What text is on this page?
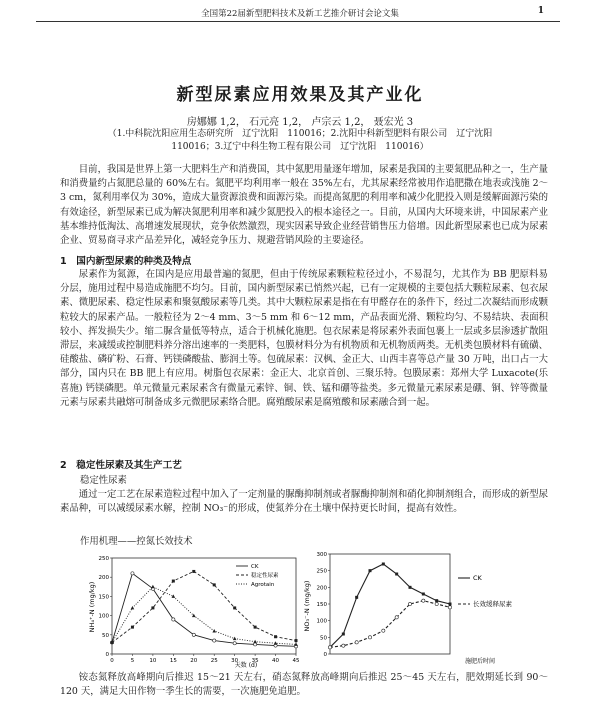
全国第22届新型肥料技术及新工艺推介研讨会论文集	1
新型尿素应用效果及其产业化
房娜娜 1,2， 石元亮 1,2， 卢宗云 1,2， 聂宏光 3
（1.中科院沈阳应用生态研究所　辽宁沈阳　110016；2.沈阳中科新型肥料有限公司　辽宁沈阳
110016；3.辽宁中科生物工程有限公司　辽宁沈阳　110016）

目前，我国是世界上第一大肥料生产和消费国，其中氮肥用量逐年增加，尿素是我国的主要氮肥品种之一，生产量和消费量约占氮肥总量的 60%左右。氮肥平均利用率一般在 35%左右，尤其尿素经常被用作追肥撒在地表或浅施 2～3 cm，氮利用率仅为 30%，造成大量资源浪费和面源污染。而提高氮肥的利用率和减少化肥投入则是缓解面源污染的有效途径，新型尿素已成为解决氮肥利用率和减少氮肥投入的根本途径之一。目前，从国内大环境来讲，中国尿素产业基本维持低淘汰、高增速发展现状，竞争依然激烈，现实因素导致企业经营销售压力倍增。因此新型尿素也已成为尿素企业、贸易商寻求产品差异化，减轻竞争压力、规避营销风险的主要途径。

1　国内新型尿素的种类及特点

尿素作为氮源，在国内是应用最普遍的氮肥，但由于传统尿素颗粒粒径过小，不易混匀，尤其作为 BB 肥原料易分层，施用过程中易造成施肥不均匀。目前，国内新型尿素已悄然兴起，已有一定规模的主要包括大颗粒尿素、包衣尿素、微肥尿素、稳定性尿素和聚氨酸尿素等几类。其中大颗粒尿素是指在有甲醛存在的条件下，经过二次凝结而形成颗粒较大的尿素产品。一般粒径为 2～4 mm、3～5 mm 和 6～12 mm，产品表面光滑、颗粒均匀、不易结块、表面积较小、挥发损失少。缩二脲含量低等特点，适合于机械化施肥。包衣尿素是将尿素外表面包裹上一层或多层渗透扩散阻滞层，来减缓或控制肥料养分溶出速率的一类肥料，包膜材料分为有机物质和无机物质两类。无机类包膜材料有硫磺、硅酸盐、磷矿粉、石膏、钙镁磷酸盐、膨润土等。包硫尿素：汉枫、金正大、山西丰喜等总产量 30 万吨，出口占一大部分，国内只在 BB 肥上有应用。树脂包衣尿素：金正大、北京首创、三聚乐特。包膜尿素：郑州大学 Luxacote(乐喜施) 钙镁磷肥。单元微量元素尿素含有微量元素锌、铜、铁、锰和硼等盐类。多元微量元素尿素是硼、铜、锌等微量元素与尿素共融熔可制备成多元微肥尿素络合肥。腐殖酸尿素是腐殖酸和尿素融合到一起。

2　稳定性尿素及其生产工艺
稳定性尿素

通过一定工艺在尿素造粒过程中加入了一定剂量的脲酶抑制剂或者脲酶抑制剂和硝化抑制剂组合，而形成的新型尿素品种，可以减缓尿素水解，控制 NO₃⁻的形成，使氮养分在土壤中保持更长时间，提高有效性。

作用机理——控氮长效技术
NH₄⁺-N (mg/kg)
天数 (d)
0
50
100
150
200
250
0	5	10 15 20 25 30 35 40 45
CK
稳定性尿素
Agrotain	NO₃⁻-N (mg/kg)
施肥后时间
0
50
100
150
200
250
300
CK
长效缓释尿素

铵态氮释放高峰期向后推迟 15～21 天左右，硝态氮释放高峰期向后推迟 25～45 天左右，肥效期延长到 90～120 天，满足大田作物一季生长的需要，一次施肥免追肥。
